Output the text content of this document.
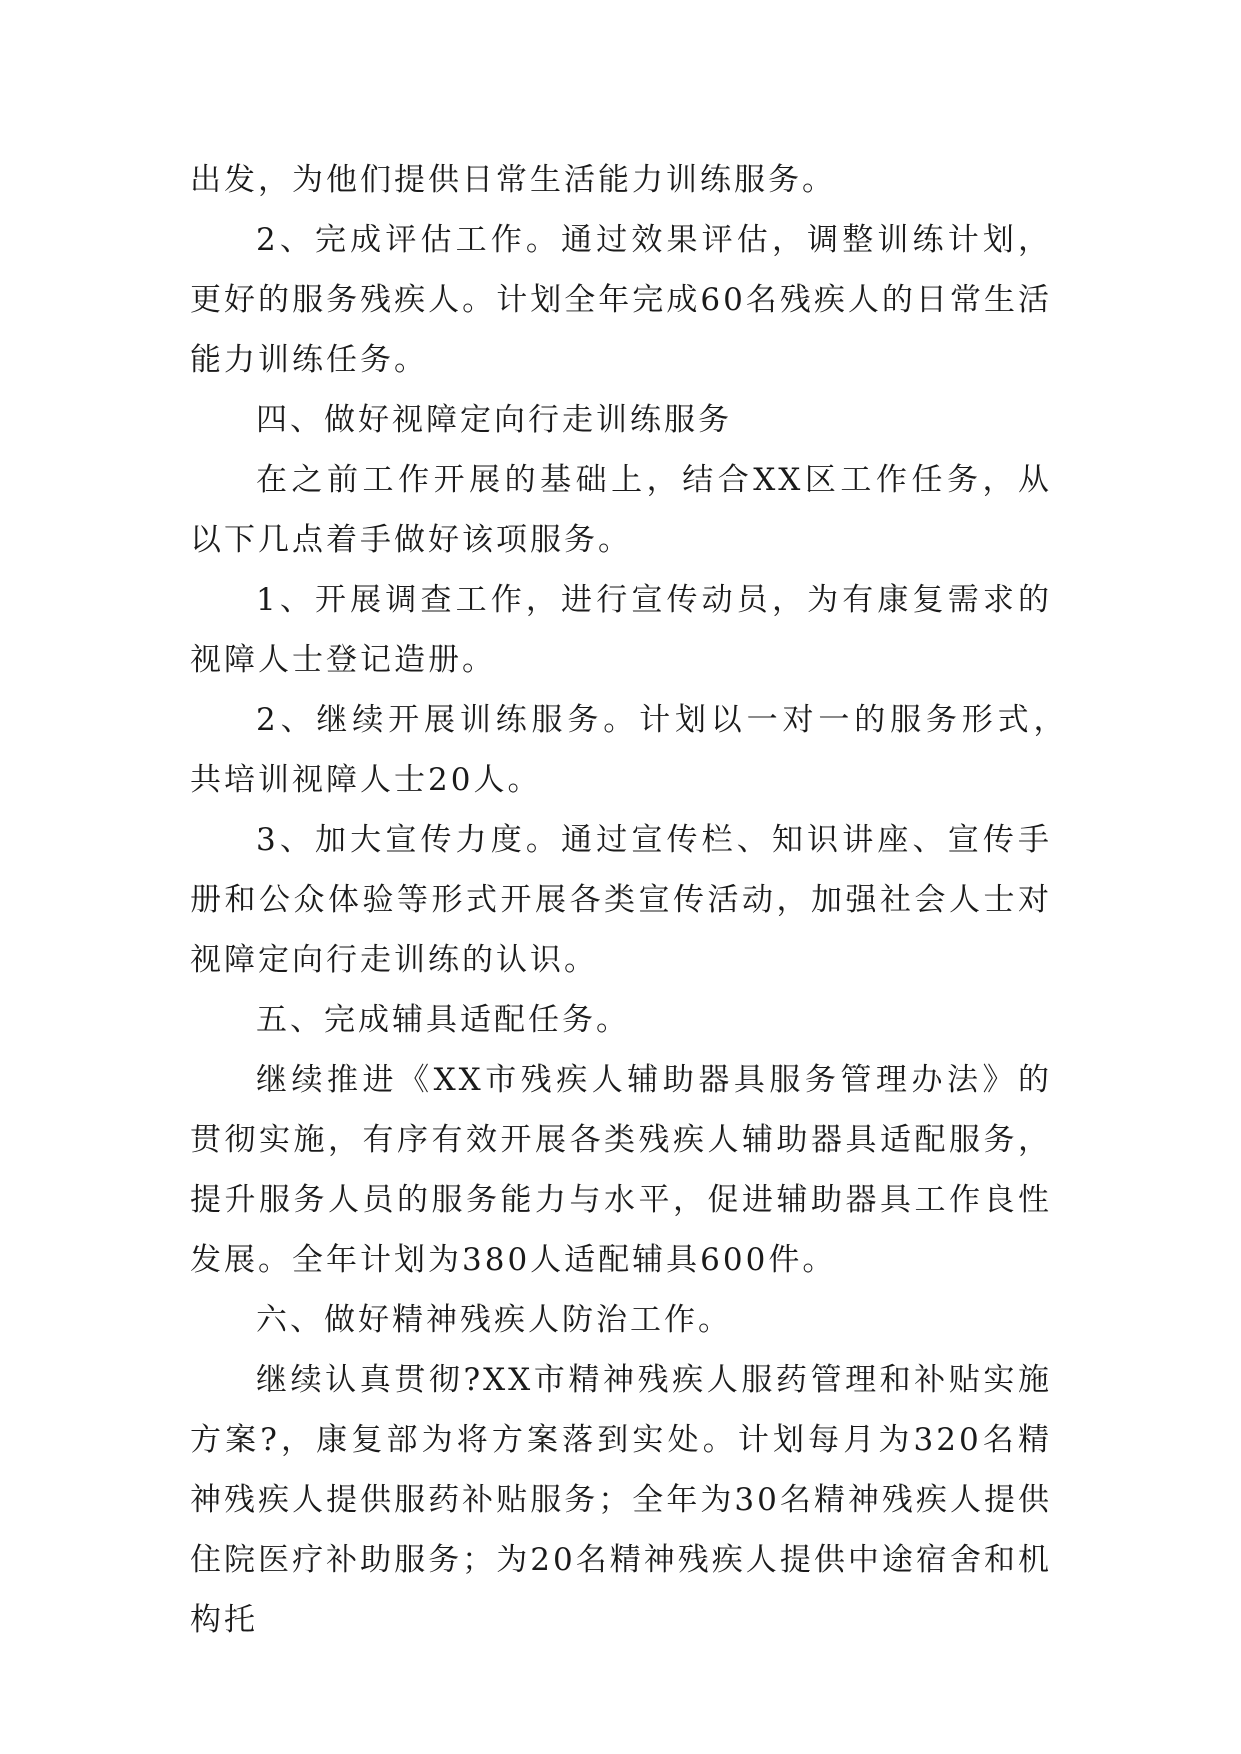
出发，为他们提供日常生活能力训练服务。

2、完成评估工作。通过效果评估，调整训练计划，更好的服务残疾人。计划全年完成60名残疾人的日常生活能力训练任务。

四、做好视障定向行走训练服务

在之前工作开展的基础上，结合XX区工作任务，从以下几点着手做好该项服务。

1、开展调查工作，进行宣传动员，为有康复需求的视障人士登记造册。

2、继续开展训练服务。计划以一对一的服务形式，　共培训视障人士20人。

3、加大宣传力度。通过宣传栏、知识讲座、宣传手册和公众体验等形式开展各类宣传活动，加强社会人士对视障定向行走训练的认识。

五、完成辅具适配任务。

继续推进《XX市残疾人辅助器具服务管理办法》的贯彻实施，有序有效开展各类残疾人辅助器具适配服务，提升服务人员的服务能力与水平，促进辅助器具工作良性发展。全年计划为380人适配辅具600件。

六、做好精神残疾人防治工作。

继续认真贯彻?XX市精神残疾人服药管理和补贴实施方案?，康复部为将方案落到实处。计划每月为320名精神残疾人提供服药补贴服务；全年为30名精神残疾人提供住院医疗补助服务；为20名精神残疾人提供中途宿舍和机构托
